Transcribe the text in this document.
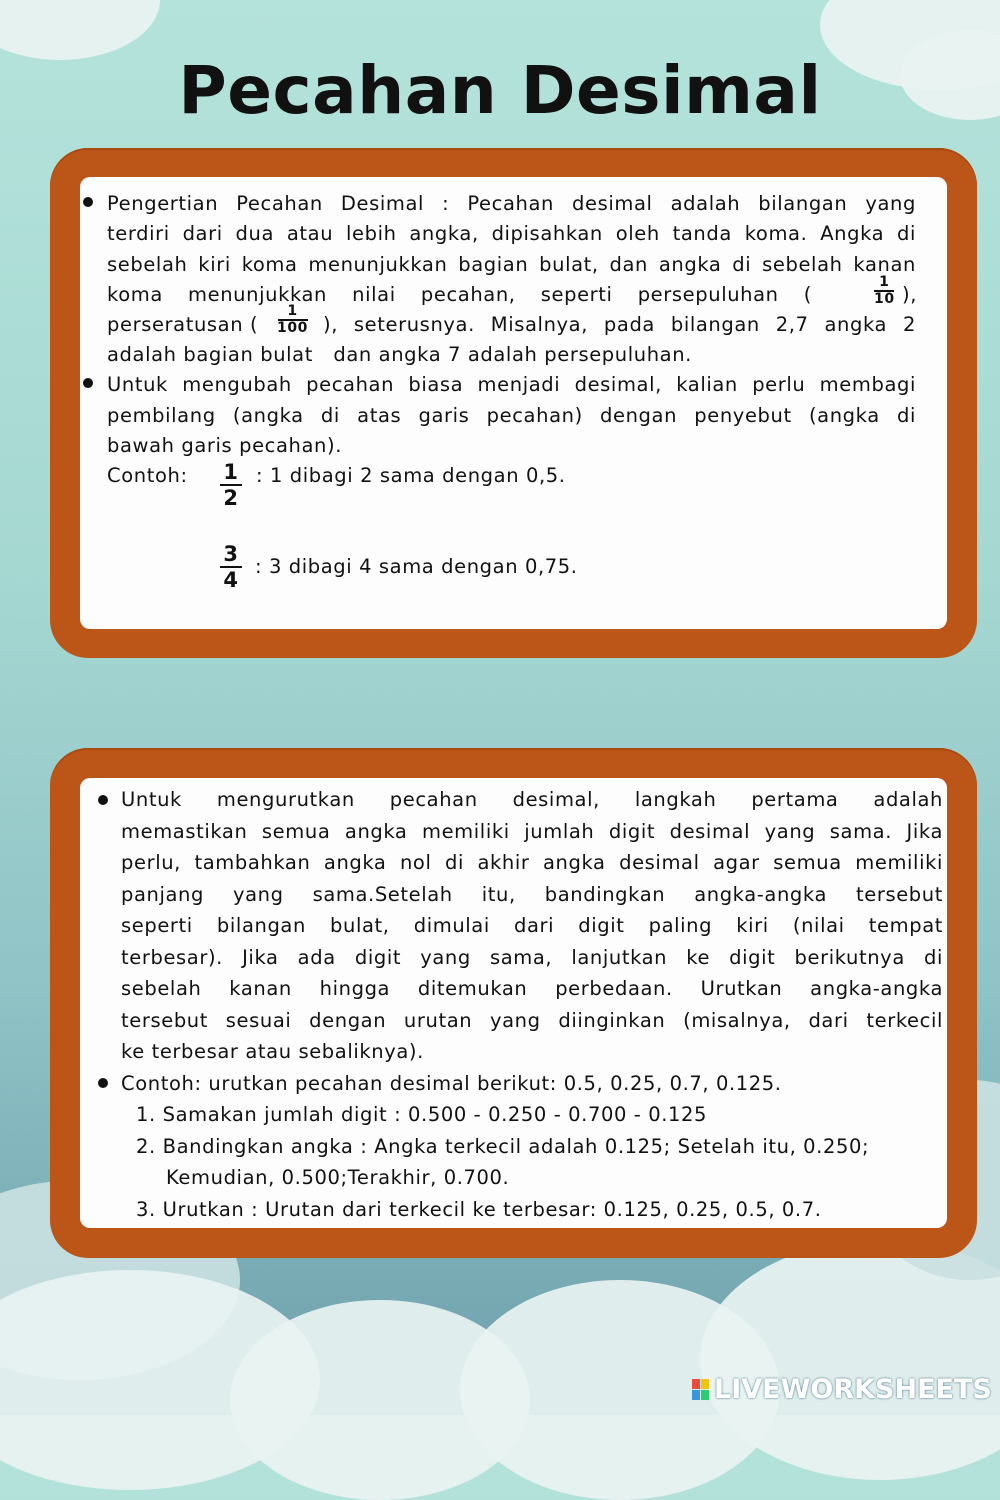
Pecahan Desimal
Pengertian Pecahan Desimal : Pecahan desimal adalah bilangan yang
terdiri dari dua atau lebih angka, dipisahkan oleh tanda koma. Angka di
sebelah kiri koma menunjukkan bagian bulat, dan angka di sebelah kanan
koma menunjukkan nilai pecahan, seperti persepuluhan (
1
10 ),
perseratusan (
1
100 ), seterusnya. Misalnya, pada bilangan 2,7 angka 2
adalah bagian bulat   dan angka 7 adalah persepuluhan.
Untuk mengubah pecahan biasa menjadi desimal, kalian perlu membagi
pembilang (angka di atas garis pecahan) dengan penyebut (angka di
bawah garis pecahan).
Contoh: 1
2
: 1 dibagi 2 sama dengan 0,5.
3
4
: 3 dibagi 4 sama dengan 0,75.
Untuk mengurutkan pecahan desimal, langkah pertama adalah
memastikan semua angka memiliki jumlah digit desimal yang sama. Jika
perlu, tambahkan angka nol di akhir angka desimal agar semua memiliki
panjang yang sama.Setelah itu, bandingkan angka-angka tersebut
seperti bilangan bulat, dimulai dari digit paling kiri (nilai tempat
terbesar). Jika ada digit yang sama, lanjutkan ke digit berikutnya di
sebelah kanan hingga ditemukan perbedaan. Urutkan angka-angka
tersebut sesuai dengan urutan yang diinginkan (misalnya, dari terkecil
ke terbesar atau sebaliknya).
Contoh: urutkan pecahan desimal berikut: 0.5, 0.25, 0.7, 0.125.
1. Samakan jumlah digit : 0.500 - 0.250 - 0.700 - 0.125
2. Bandingkan angka : Angka terkecil adalah 0.125; Setelah itu, 0.250;
Kemudian, 0.500;Terakhir, 0.700.
3. Urutkan : Urutan dari terkecil ke terbesar: 0.125, 0.25, 0.5, 0.7.
LIVEWORKSHEETS
